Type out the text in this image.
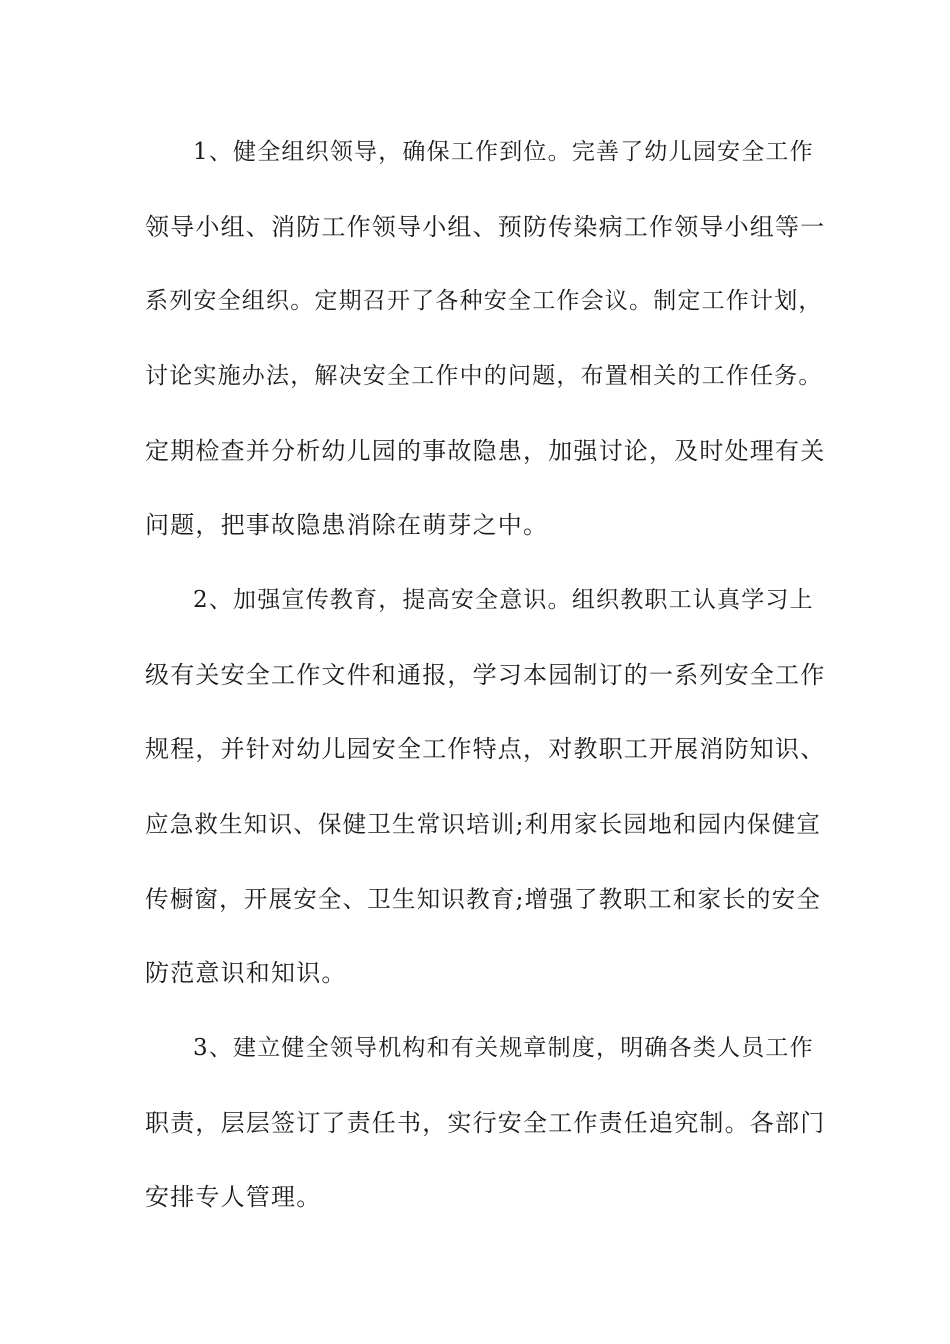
1、健全组织领导，确保工作到位。完善了幼儿园安全工作
领导小组、消防工作领导小组、预防传染病工作领导小组等一
系列安全组织。定期召开了各种安全工作会议。制定工作计划，
讨论实施办法，解决安全工作中的问题，布置相关的工作任务。
定期检查并分析幼儿园的事故隐患，加强讨论，及时处理有关
问题，把事故隐患消除在萌芽之中。
2、加强宣传教育，提高安全意识。组织教职工认真学习上
级有关安全工作文件和通报，学习本园制订的一系列安全工作
规程，并针对幼儿园安全工作特点，对教职工开展消防知识、
应急救生知识、保健卫生常识培训;利用家长园地和园内保健宣
传橱窗，开展安全、卫生知识教育;增强了教职工和家长的安全
防范意识和知识。
3、建立健全领导机构和有关规章制度，明确各类人员工作
职责，层层签订了责任书，实行安全工作责任追究制。各部门
安排专人管理。
